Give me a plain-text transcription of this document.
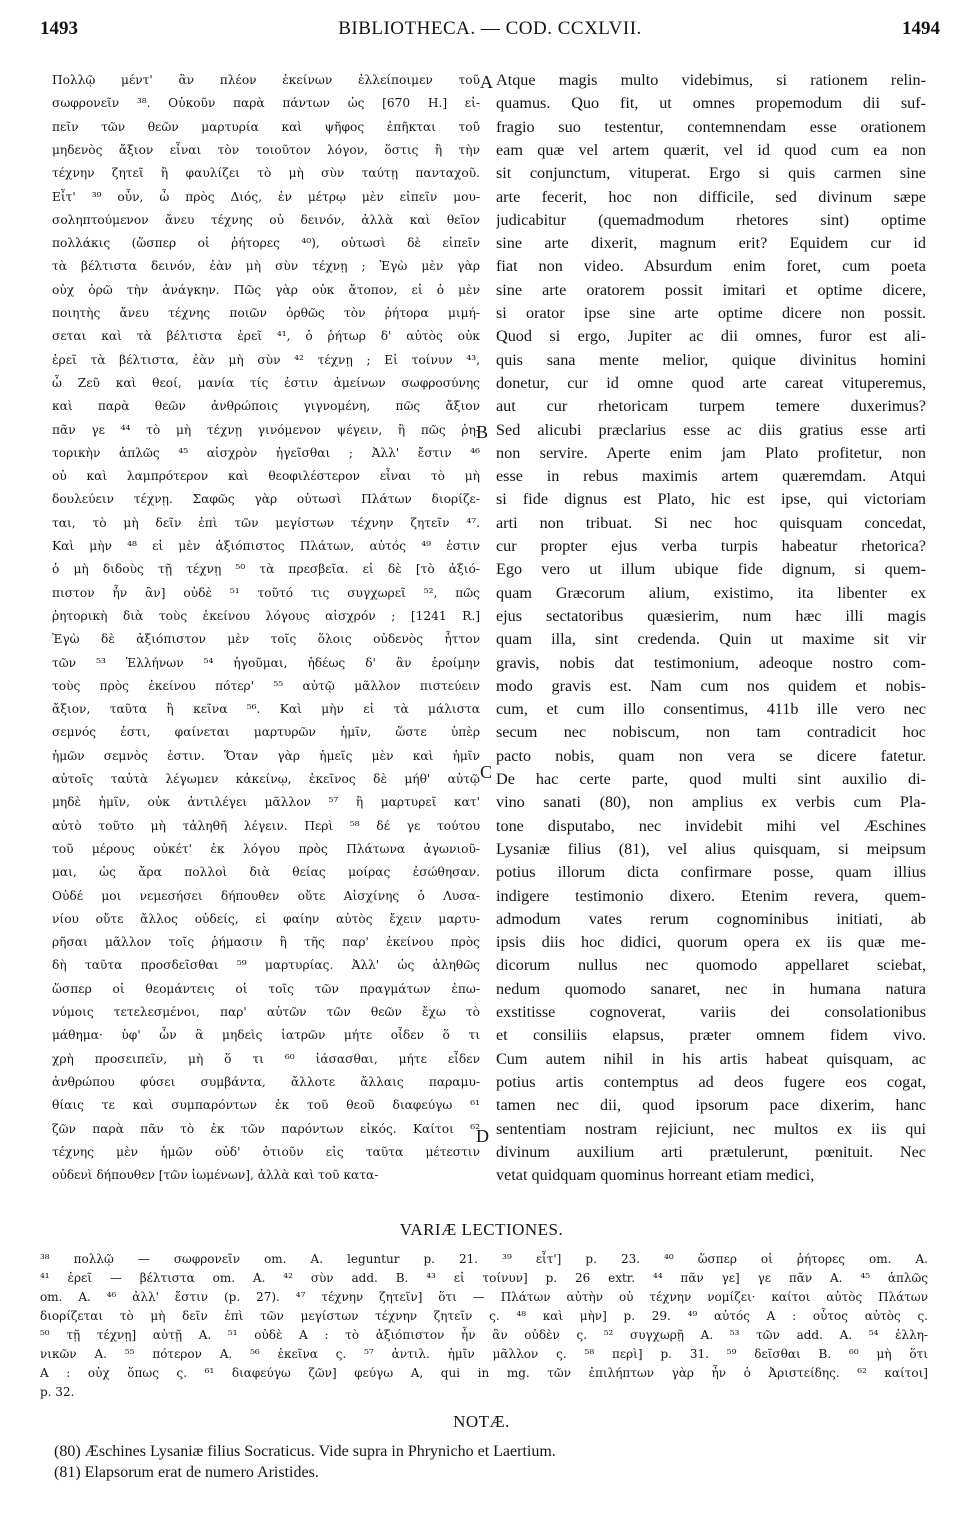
1493	BIBLIOTHECA. — COD. CCXLVII.	1494
Πολλῷ μέντ' ἂν πλέον ἐκείνων ἐλλείποιμεν τοῦ
σωφρονεῖν ³⁸. Οὐκοῦν παρὰ πάντων ὡς [670 H.] εἰ-
πεῖν τῶν θεῶν μαρτυρία καὶ ψῆφος ἐπῆκται τοῦ
μηδενὸς ἄξιον εἶναι τὸν τοιοῦτον λόγον, ὅστις ἢ τὴν
τέχνην ζητεῖ ἢ φαυλίζει τὸ μὴ σὺν ταύτῃ πανταχοῦ.
Εἶτ' ³⁹ οὖν, ὦ πρὸς Διός, ἐν μέτρῳ μὲν εἰπεῖν μου-
σοληπτούμενον ἄνευ τέχνης οὐ δεινόν, ἀλλὰ καὶ θεῖον
πολλάκις (ὥσπερ οἱ ῥήτορες ⁴⁰), οὑτωσὶ δὲ εἰπεῖν
τὰ βέλτιστα δεινόν, ἐὰν μὴ σὺν τέχνῃ ; Ἐγὼ μὲν γὰρ
οὐχ ὁρῶ τὴν ἀνάγκην. Πῶς γὰρ οὐκ ἄτοπον, εἰ ὁ μὲν
ποιητὴς ἄνευ τέχνης ποιῶν ὀρθῶς τὸν ῥήτορα μιμή-
σεται καὶ τὰ βέλτιστα ἐρεῖ ⁴¹, ὁ ῥήτωρ δ' αὐτὸς οὐκ
ἐρεῖ τὰ βέλτιστα, ἐὰν μὴ σὺν ⁴² τέχνῃ ; Εἰ τοίνυν ⁴³,
ὦ Ζεῦ καὶ θεοί, μανία τίς ἐστιν ἀμείνων σωφροσύνης
καὶ παρὰ θεῶν ἀνθρώποις γιγνομένη, πῶς ἄξιον
πᾶν γε ⁴⁴ τὸ μὴ τέχνῃ γινόμενον ψέγειν, ἢ πῶς ῥη-
τορικὴν ἁπλῶς ⁴⁵ αἰσχρὸν ἡγεῖσθαι ; Ἀλλ' ἔστιν ⁴⁶
οὐ καὶ λαμπρότερον καὶ θεοφιλέστερον εἶναι τὸ μὴ
δουλεύειν τέχνῃ. Σαφῶς γὰρ οὑτωσὶ Πλάτων διορίζε-
ται, τὸ μὴ δεῖν ἐπὶ τῶν μεγίστων τέχνην ζητεῖν ⁴⁷.
Καὶ μὴν ⁴⁸ εἰ μὲν ἀξιόπιστος Πλάτων, αὐτός ⁴⁹ ἐστιν
ὁ μὴ διδοὺς τῇ τέχνῃ ⁵⁰ τὰ πρεσβεῖα. εἰ δὲ [τὸ ἀξιό-
πιστον ἦν ἂν] οὐδὲ ⁵¹ τοῦτό τις συγχωρεῖ ⁵², πῶς
ῥητορικὴ διὰ τοὺς ἐκείνου λόγους αἰσχρόν ; [1241 R.]
Ἐγὼ δὲ ἀξιόπιστον μὲν τοῖς ὅλοις οὐδενὸς ἧττον
τῶν ⁵³ Ἑλλήνων ⁵⁴ ἡγοῦμαι, ἡδέως δ' ἂν ἐροίμην
τοὺς πρὸς ἐκείνου πότερ' ⁵⁵ αὐτῷ μᾶλλον πιστεύειν
ἄξιον, ταῦτα ἢ κεῖνα ⁵⁶. Καὶ μὴν εἰ τὰ μάλιστα
σεμνός ἐστι, φαίνεται μαρτυρῶν ἡμῖν, ὥστε ὑπὲρ
ἡμῶν σεμνὸς ἐστιν. Ὅταν γὰρ ἡμεῖς μὲν καὶ ἡμῖν
αὐτοῖς ταὐτὰ λέγωμεν κἀκείνῳ, ἐκεῖνος δὲ μήθ' αὐτῷ
μηδὲ ἡμῖν, οὐκ ἀντιλέγει μᾶλλον ⁵⁷ ἢ μαρτυρεῖ κατ'
αὐτὸ τοῦτο μὴ τἀληθῆ λέγειν. Περὶ ⁵⁸ δέ γε τούτου
τοῦ μέρους οὐκέτ' ἐκ λόγου πρὸς Πλάτωνα ἀγωνιοῦ-
μαι, ὡς ἄρα πολλοὶ διὰ θείας μοίρας ἐσώθησαν.
Οὐδέ μοι νεμεσήσει δήπουθεν οὔτε Αἰσχίνης ὁ Λυσα-
νίου οὔτε ἄλλος οὐδείς, εἰ φαίην αὐτὸς ἔχειν μαρτυ-
ρῆσαι μᾶλλον τοῖς ῥήμασιν ἢ τῆς παρ' ἐκείνου πρὸς
δὴ ταῦτα προσδεῖσθαι ⁵⁹ μαρτυρίας. Ἀλλ' ὡς ἀληθῶς
ὥσπερ οἱ θεομάντεις οἱ τοῖς τῶν πραγμάτων ἐπω-
νύμοις τετελεσμένοι, παρ' αὐτῶν τῶν θεῶν ἔχω τὸ
μάθημα· ὑφ' ὧν ἃ μηδεὶς ἰατρῶν μήτε οἶδεν ὅ τι
χρὴ προσειπεῖν, μὴ ὅ τι ⁶⁰ ἰάσασθαι, μήτε εἶδεν
ἀνθρώπου φύσει συμβάντα, ἄλλοτε ἄλλαις παραμυ-
θίαις τε καὶ συμπαρόντων ἐκ τοῦ θεοῦ διαφεύγω ⁶¹
ζῶν παρὰ πᾶν τὸ ἐκ τῶν παρόντων εἰκός. Καίτοι ⁶²
τέχνης μὲν ἡμῶν οὐδ' ὁτιοῦν εἰς ταῦτα μέτεστιν
οὐδενὶ δήπουθεν [τῶν ἰωμένων], ἀλλὰ καὶ τοῦ κατα-
Atque magis multo videbimus, si rationem relin-
quamus. Quo fit, ut omnes propemodum dii suf-
fragio suo testentur, contemnendam esse orationem
eam quæ vel artem quærit, vel id quod cum ea non
sit conjunctum, vituperat. Ergo si quis carmen sine
arte fecerit, hoc non difficile, sed divinum sæpe
judicabitur (quemadmodum rhetores sint) optime
sine arte dixerit, magnum erit? Equidem cur id
fiat non video. Absurdum enim foret, cum poeta
sine arte oratorem possit imitari et optime dicere,
si orator ipse sine arte optime dicere non possit.
Quod si ergo, Jupiter ac dii omnes, furor est ali-
quis sana mente melior, quique divinitus homini
donetur, cur id omne quod arte careat vituperemus,
aut cur rhetoricam turpem temere duxerimus?
Sed alicubi præclarius esse ac diis gratius esse arti
non servire. Aperte enim jam Plato profitetur, non
esse in rebus maximis artem quæremdam. Atqui
si fide dignus est Plato, hic est ipse, qui victoriam
arti non tribuat. Si nec hoc quisquam concedat,
cur propter ejus verba turpis habeatur rhetorica?
Ego vero ut illum ubique fide dignum, si quem-
quam Græcorum alium, existimo, ita libenter ex
ejus sectatoribus quæsierim, num hæc illi magis
quam illa, sint credenda. Quin ut maxime sit vir
gravis, nobis dat testimonium, adeoque nostro com-
modo gravis est. Nam cum nos quidem et nobis-
cum, et cum illo consentimus, 411b ille vero nec
secum nec nobiscum, non tam contradicit hoc
pacto nobis, quam non vera se dicere fatetur.
De hac certe parte, quod multi sint auxilio di-
vino sanati (80), non amplius ex verbis cum Pla-
tone disputabo, nec invidebit mihi vel Æschines
Lysaniæ filius (81), vel alius quisquam, si meipsum
potius illorum dicta confirmare posse, quam illius
indigere testimonio dixero. Etenim revera, quem-
admodum vates rerum cognominibus initiati, ab
ipsis diis hoc didici, quorum opera ex iis quæ me-
dicorum nullus nec quomodo appellaret sciebat,
nedum quomodo sanaret, nec in humana natura
exstitisse cognoverat, variis dei consolationibus
et consiliis elapsus, præter omnem fidem vivo.
Cum autem nihil in his artis habeat quisquam, ac
potius artis contemptus ad deos fugere eos cogat,
tamen nec dii, quod ipsorum pace dixerim, hanc
sententiam nostram rejiciunt, nec multos ex iis qui
divinum auxilium arti prætulerunt, pœnituit. Nec
vetat quidquam quominus horreant etiam medici,
A
B
C
D
VARIÆ LECTIONES.
³⁸ πολλῷ — σωφρονεῖν om. A. leguntur p. 21. ³⁹ εἶτ'] p. 23. ⁴⁰ ὥσπερ οἱ ῥήτορες om. A.
⁴¹ ἐρεῖ — βέλτιστα om. A. ⁴² σὺν add. B. ⁴³ εἰ τοίνυν] p. 26 extr. ⁴⁴ πᾶν γε] γε πᾶν A. ⁴⁵ ἁπλῶς
om. A. ⁴⁶ ἀλλ' ἔστιν (p. 27). ⁴⁷ τέχνην ζητεῖν] ὅτι — Πλάτων αὐτὴν οὐ τέχνην νομίζει· καίτοι αὐτὸς Πλάτων
διορίζεται τὸ μὴ δεῖν ἐπὶ τῶν μεγίστων τέχνην ζητεῖν ς. ⁴⁸ καὶ μὴν] p. 29. ⁴⁹ αὐτός A : οὗτος αὐτὸς ς.
⁵⁰ τῇ τέχνῃ] αὐτῇ A. ⁵¹ οὐδὲ A : τὸ ἀξιόπιστον ἦν ἂν οὐδὲν ς. ⁵² συγχωρῇ A. ⁵³ τῶν add. A. ⁵⁴ ἑλλη-
νικῶν A. ⁵⁵ πότερον A. ⁵⁶ ἐκεῖνα ς. ⁵⁷ ἀντιλ. ἡμῖν μᾶλλον ς. ⁵⁸ περὶ] p. 31. ⁵⁹ δεῖσθαι B. ⁶⁰ μὴ ὅτι
A : οὐχ ὅπως ς. ⁶¹ διαφεύγω ζῶν] φεύγω A, qui in mg. τῶν ἐπιλήπτων γὰρ ἦν ὁ Ἀριστείδης. ⁶² καίτοι]
p. 32.
NOTÆ.
(80) Æschines Lysaniæ filius Socraticus. Vide supra in Phrynicho et Laertium.
(81) Elapsorum erat de numero Aristides.
